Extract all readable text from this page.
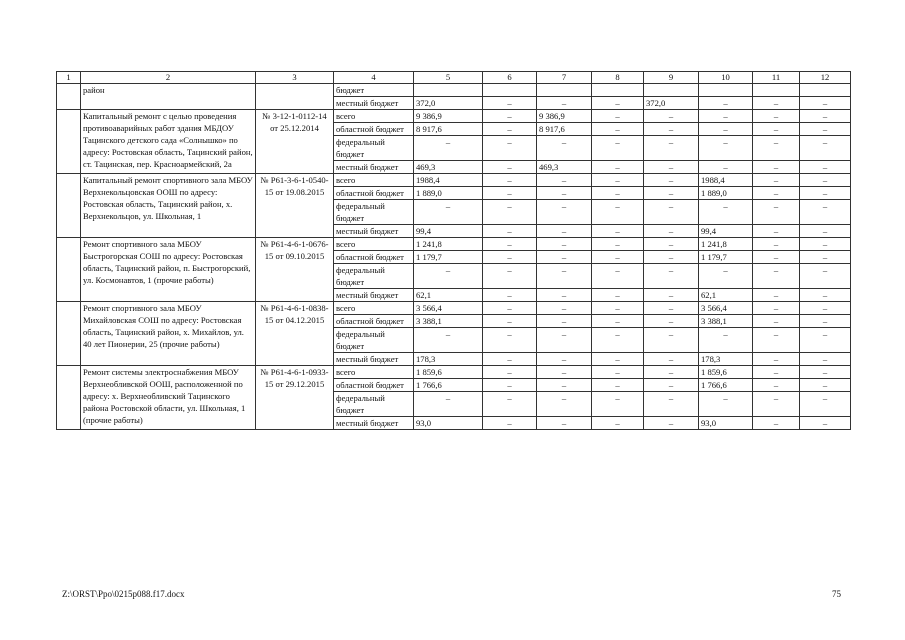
1	2	3	4	5	6	7	8	9	10	11	12
	район		бюджет								
			местный бюджет	372,0	–	–	–	372,0	–	–	–
	Капитальный ремонт с целью проведения противоаварийных работ здания МБДОУ Тацинского детского сада «Солнышко» по адресу: Ростовская область, Тацинский район, ст. Тацинская, пер. Красноармейский, 2а	№ 3-12-1-0112-14 от 25.12.2014	всего	9 386,9	–	9 386,9	–	–	–	–	–
			областной бюджет	8 917,6	–	8 917,6	–	–	–	–	–
			федеральный бюджет	–	–	–	–	–	–	–	–
			местный бюджет	469,3	–	469,3	–	–	–	–	–
	Капитальный ремонт спортивного зала МБОУ Верхнекольцовская ООШ по адресу: Ростовская область, Тацинский район, х. Верхнекольцов, ул. Школьная, 1	№ Р61-3-6-1-0540-15 от 19.08.2015	всего	1988,4	–	–	–	–	1988,4	–	–
			областной бюджет	1 889,0	–	–	–	–	1 889,0	–	–
			федеральный бюджет	–	–	–	–	–	–	–	–
			местный бюджет	99,4	–	–	–	–	99,4	–	–
	Ремонт спортивного зала МБОУ Быстрогорская СОШ по адресу: Ростовская область, Тацинский район, п. Быстрогорский, ул. Космонавтов, 1 (прочие работы)	№ Р61-4-6-1-0676-15 от 09.10.2015	всего	1 241,8	–	–	–	–	1 241,8	–	–
			областной бюджет	1 179,7	–	–	–	–	1 179,7	–	–
			федеральный бюджет	–	–	–	–	–	–	–	–
			местный бюджет	62,1	–	–	–	–	62,1	–	–
	Ремонт спортивного зала МБОУ Михайловская СОШ по адресу: Ростовская область, Тацинский район, х. Михайлов, ул. 40 лет Пионерии, 25 (прочие работы)	№ Р61-4-6-1-0838-15 от 04.12.2015	всего	3 566,4	–	–	–	–	3 566,4	–	–
			областной бюджет	3 388,1	–	–	–	–	3 388,1	–	–
			федеральный бюджет	–	–	–	–	–	–	–	–
			местный бюджет	178,3	–	–	–	–	178,3	–	–
	Ремонт системы электроснабжения МБОУ Верхнеобливской ООШ, расположенной по адресу: х. Верхнеобливский Тацинского района Ростовской области, ул. Школьная, 1 (прочие работы)	№ Р61-4-6-1-0933-15 от 29.12.2015	всего	1 859,6	–	–	–	–	1 859,6	–	–
			областной бюджет	1 766,6	–	–	–	–	1 766,6	–	–
			федеральный бюджет	–	–	–	–	–	–	–	–
			местный бюджет	93,0	–	–	–	–	93,0	–	–
Z:\ORST\Ppo\0215p088.f17.docx	75
